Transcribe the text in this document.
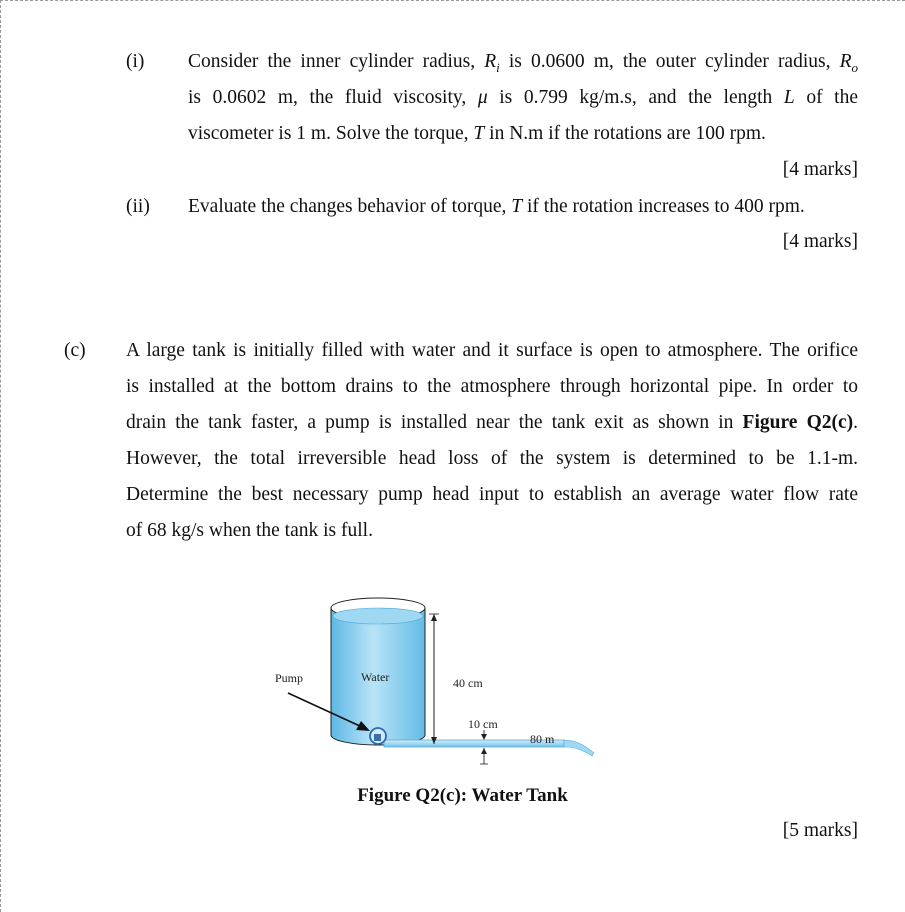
(i) Consider the inner cylinder radius, $R_i$ is 0.0600 m, the outer cylinder radius, $R_o$

is 0.0602 m, the fluid viscosity, μ is 0.799 kg/m.s, and the length L of the

viscometer is 1 m. Solve the torque, T in N.m if the rotations are 100 rpm.

[4 marks]
(ii) Evaluate the changes behavior of torque, T if the rotation increases to 400 rpm.

[4 marks]
(c) A large tank is initially filled with water and it surface is open to atmosphere. The orifice

is installed at the bottom drains to the atmosphere through horizontal pipe. In order to

drain the tank faster, a pump is installed near the tank exit as shown in Figure Q2(c).

However, the total irreversible head loss of the system is determined to be 1.1-m.

Determine the best necessary pump head input to establish an average water flow rate

of 68 kg/s when the tank is full.

Pump	Water	40 cm
10 cm
80 m
Figure Q2(c): Water Tank
[5 marks]
